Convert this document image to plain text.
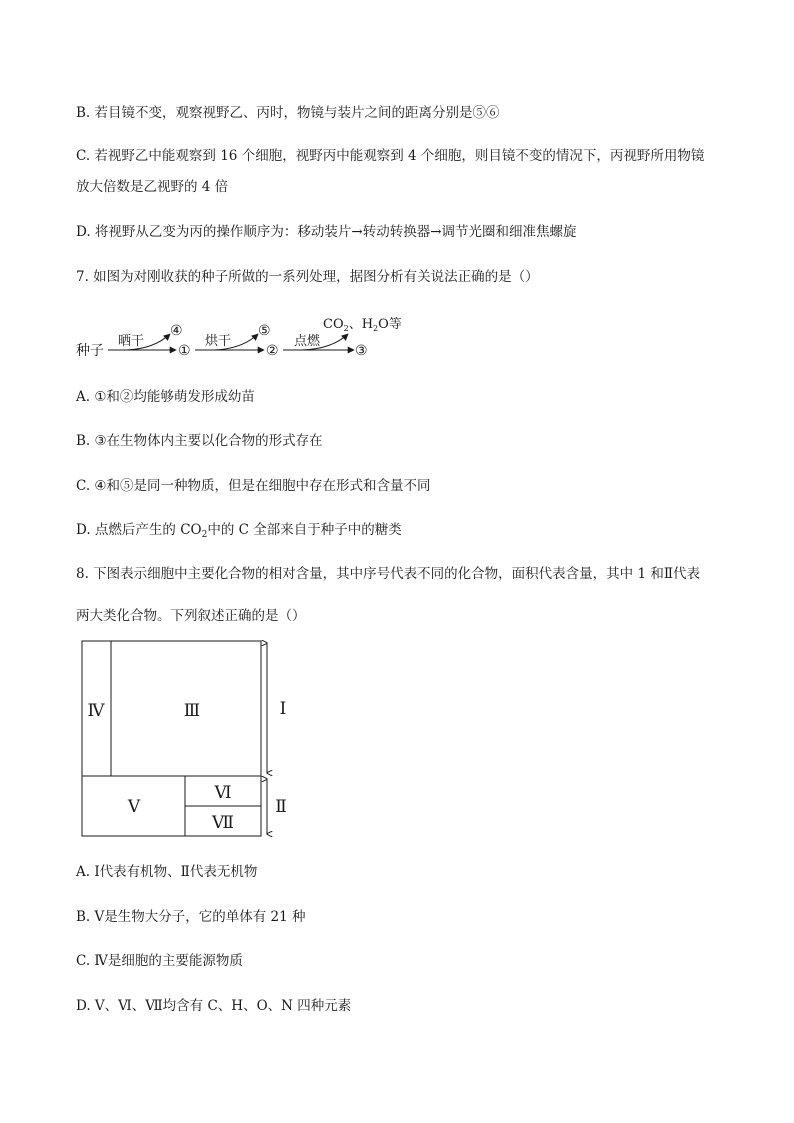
B. 若目镜不变，观察视野乙、丙时，物镜与装片之间的距离分别是⑤⑥
C. 若视野乙中能观察到 16 个细胞，视野丙中能观察到 4 个细胞，则目镜不变的情况下，丙视野所用物镜
放大倍数是乙视野的 4 倍
D. 将视野从乙变为丙的操作顺序为：移动装片→转动转换器→调节光圈和细准焦螺旋
7. 如图为对刚收获的种子所做的一系列处理，据图分析有关说法正确的是（）
种子
晒干
④
①
烘干
⑤
②
点燃
③
$CO_2$、$H_2O$等
A. ①和②均能够萌发形成幼苗
B. ③在生物体内主要以化合物的形式存在
C. ④和⑤是同一种物质，但是在细胞中存在形式和含量不同
D. 点燃后产生的 $CO_2$中的 C 全部来自于种子中的糖类
8. 下图表示细胞中主要化合物的相对含量，其中序号代表不同的化合物，面积代表含量，其中 1 和Ⅱ代表
两大类化合物。下列叙述正确的是（）
Ⅳ	Ⅲ
Ⅴ
Ⅵ
Ⅶ
Ⅰ
Ⅱ
A. Ⅰ代表有机物、Ⅱ代表无机物
B. Ⅴ是生物大分子，它的单体有 21 种
C. Ⅳ是细胞的主要能源物质
D. Ⅴ、Ⅵ、Ⅶ均含有 C、H、O、N 四种元素
